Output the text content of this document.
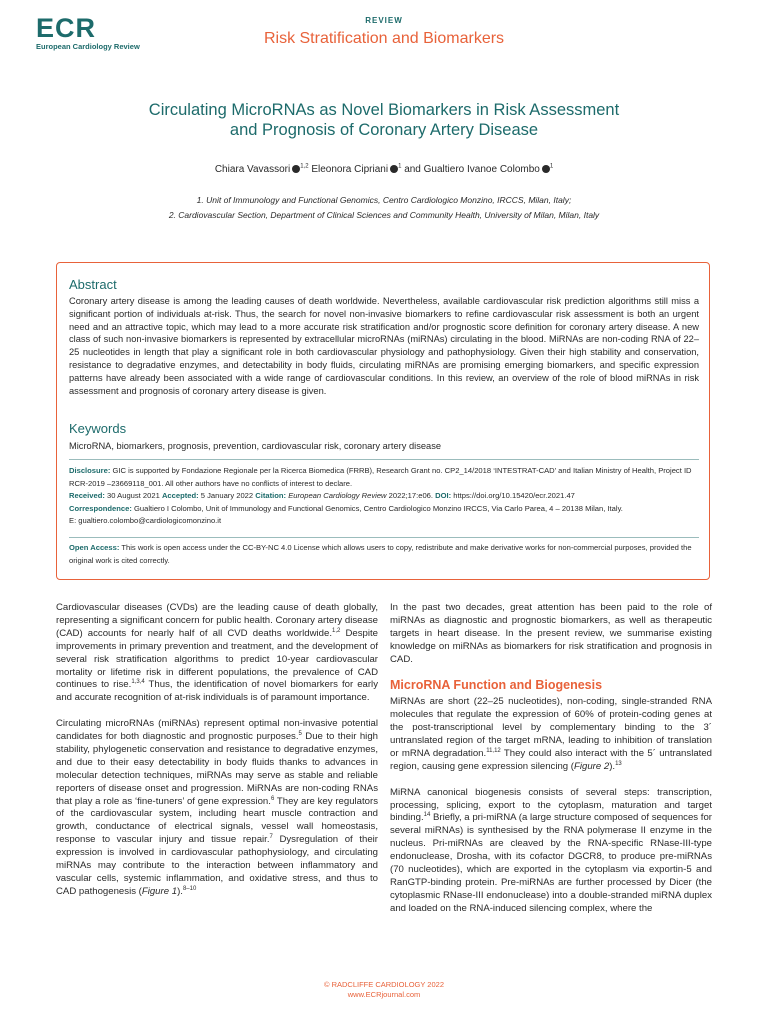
ECR
European Cardiology Review
REVIEW
Risk Stratification and Biomarkers
Circulating MicroRNAs as Novel Biomarkers in Risk Assessment
and Prognosis of Coronary Artery Disease
Chiara Vavassori $^{1,2}$ Eleonora Cipriani $^1$ and Gualtiero Ivanoe Colombo $^1$
1. Unit of Immunology and Functional Genomics, Centro Cardiologico Monzino, IRCCS, Milan, Italy;
2. Cardiovascular Section, Department of Clinical Sciences and Community Health, University of Milan, Milan, Italy
Abstract
Coronary artery disease is among the leading causes of death worldwide. Nevertheless, available cardiovascular risk prediction algorithms still miss a significant portion of individuals at-risk. Thus, the search for novel non-invasive biomarkers to refine cardiovascular risk assessment is both an urgent need and an attractive topic, which may lead to a more accurate risk stratification and/or prognostic score definition for coronary artery disease. A new class of such non-invasive biomarkers is represented by extracellular microRNAs (miRNAs) circulating in the blood. MiRNAs are non-coding RNA of 22–25 nucleotides in length that play a significant role in both cardiovascular physiology and pathophysiology. Given their high stability and conservation, resistance to degradative enzymes, and detectability in body fluids, circulating miRNAs are promising emerging biomarkers, and specific expression patterns have already been associated with a wide range of cardiovascular conditions. In this review, an overview of the role of blood miRNAs in risk assessment and prognosis of coronary artery disease is given.
Keywords
MicroRNA, biomarkers, prognosis, prevention, cardiovascular risk, coronary artery disease
Disclosure: GIC is supported by Fondazione Regionale per la Ricerca Biomedica (FRRB), Research Grant no. CP2_14/2018 ‘INTESTRAT-CAD’ and Italian Ministry of Health, Project ID RCR-2019 –23669118_001. All other authors have no conflicts of interest to declare.
Received: 30 August 2021 Accepted: 5 January 2022 Citation: European Cardiology Review 2022;17:e06. DOI: https://doi.org/10.15420/ecr.2021.47
Correspondence: Gualtiero I Colombo, Unit of Immunology and Functional Genomics, Centro Cardiologico Monzino IRCCS, Via Carlo Parea, 4 – 20138 Milan, Italy.
E: gualtiero.colombo@cardiologicomonzino.it
Open Access: This work is open access under the CC-BY-NC 4.0 License which allows users to copy, redistribute and make derivative works for non-commercial purposes, provided the original work is cited correctly.

Cardiovascular diseases (CVDs) are the leading cause of death globally, representing a significant concern for public health. Coronary artery disease (CAD) accounts for nearly half of all CVD deaths worldwide.$^{1,2}$ Despite improvements in primary prevention and treatment, and the development of several risk stratification algorithms to predict 10-year cardiovascular mortality or lifetime risk in different populations, the prevalence of CAD continues to rise.$^{1,3,4}$ Thus, the identification of novel biomarkers for early and accurate recognition of at-risk individuals is of paramount importance.

Circulating microRNAs (miRNAs) represent optimal non-invasive potential candidates for both diagnostic and prognostic purposes.$^5$ Due to their high stability, phylogenetic conservation and resistance to degradative enzymes, and due to their easy detectability in body fluids thanks to advances in molecular detection techniques, miRNAs may serve as stable and reliable reporters of disease onset and progression. MiRNAs are non-coding RNAs that play a role as ‘fine-tuners’ of gene expression.$^6$ They are key regulators of the cardiovascular system, including heart muscle contraction and growth, conductance of electrical signals, vessel wall homeostasis, response to vascular injury and tissue repair.$^7$ Dysregulation of their expression is involved in cardiovascular pathophysiology, and circulating miRNAs may contribute to the interaction between inflammatory and vascular cells, systemic inflammation, and oxidative stress, and thus to CAD pathogenesis (Figure 1).$^{8-10}$

In the past two decades, great attention has been paid to the role of miRNAs as diagnostic and prognostic biomarkers, as well as therapeutic targets in heart disease. In the present review, we summarise existing knowledge on miRNAs as biomarkers for risk stratification and prognosis in CAD.

MicroRNA Function and Biogenesis

MiRNAs are short (22–25 nucleotides), non-coding, single-stranded RNA molecules that regulate the expression of 60% of protein-coding genes at the post-transcriptional level by complementary binding to the 3´ untranslated region of the target mRNA, leading to inhibition of translation or mRNA degradation.$^{11,12}$ They could also interact with the 5´ untranslated region, causing gene expression silencing (Figure 2).$^{13}$

MiRNA canonical biogenesis consists of several steps: transcription, processing, splicing, export to the cytoplasm, maturation and target binding.$^{14}$ Briefly, a pri-miRNA (a large structure composed of sequences for several miRNAs) is synthesised by the RNA polymerase II enzyme in the nucleus. Pri-miRNAs are cleaved by the RNA-specific RNase-III-type endonuclease, Drosha, with its cofactor DGCR8, to produce pre-miRNAs (70 nucleotides), which are exported in the cytoplasm via exportin-5 and RanGTP-binding protein. Pre-miRNAs are further processed by Dicer (the cytoplasmic RNase-III endonuclease) into a double-stranded miRNA duplex and loaded on the RNA-induced silencing complex, where the

© RADCLIFFE CARDIOLOGY 2022
www.ECRjournal.com
